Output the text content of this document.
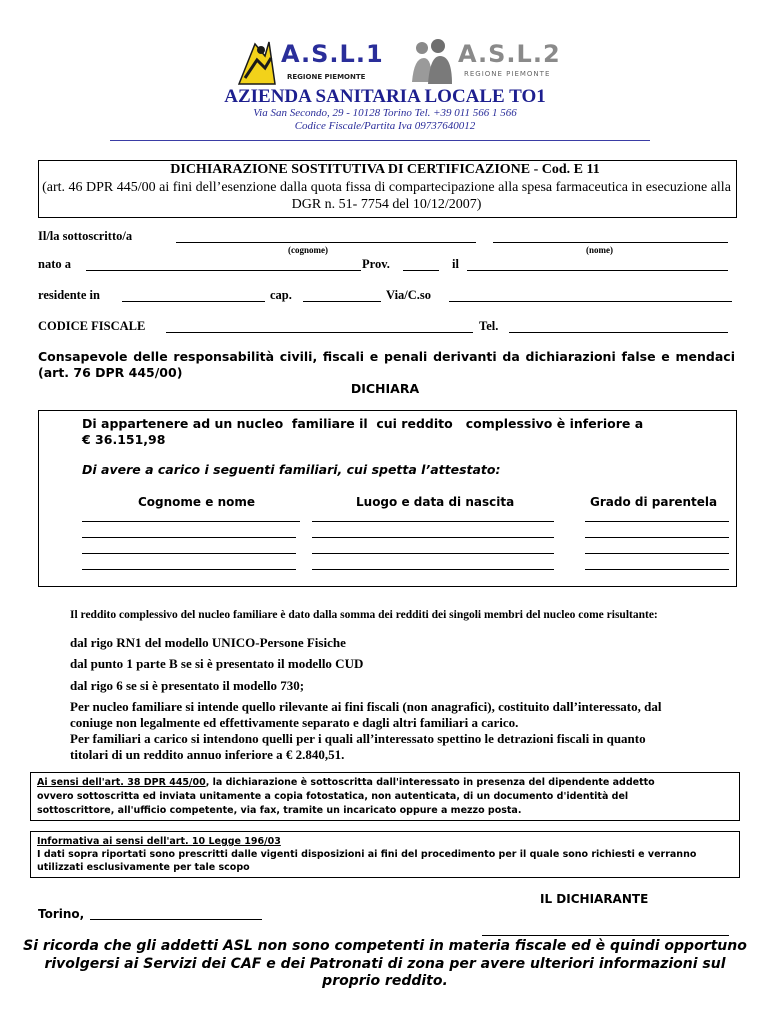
A.S.L.1
REGIONE PIEMONTE
A.S.L.2
REGIONE PIEMONTE
AZIENDA SANITARIA LOCALE TO1
Via San Secondo, 29 - 10128 Torino Tel. +39 011 566 1 566
Codice Fiscale/Partita Iva 09737640012
DICHIARAZIONE SOSTITUTIVA DI CERTIFICAZIONE - Cod. E 11
(art. 46 DPR 445/00 ai fini dell’esenzione dalla quota fissa di compartecipazione alla spesa farmaceutica in esecuzione alla DGR n. 51- 7754 del 10/12/2007)
Il/la sottoscritto/a
(cognome)	(nome)
nato a	Prov.	il
residente in	cap.	Via/C.so
CODICE FISCALE	Tel.
Consapevole delle responsabilità civili, fiscali e penali derivanti da dichiarazioni false e mendaci (art. 76 DPR 445/00)
DICHIARA
Di appartenere ad un nucleo  familiare il  cui reddito   complessivo è inferiore a
€ 36.151,98
Di avere a carico i seguenti familiari, cui spetta l’attestato:
Cognome e nome	Luogo e data di nascita	Grado di parentela
Il reddito complessivo del nucleo familiare è dato dalla somma dei redditi dei singoli membri del nucleo come risultante:
dal rigo RN1 del modello UNICO-Persone Fisiche
dal punto 1 parte B se si è presentato il modello CUD
dal rigo 6 se si è presentato il modello 730;
Per nucleo familiare si intende quello rilevante ai fini fiscali (non anagrafici), costituito dall’interessato, dal
coniuge non legalmente ed effettivamente separato e dagli altri familiari a carico.
Per familiari a carico si intendono quelli per i quali all’interessato spettino le detrazioni fiscali in quanto
titolari di un reddito annuo inferiore a € 2.840,51.
Ai sensi dell'art. 38 DPR 445/00, la dichiarazione è sottoscritta dall'interessato in presenza del dipendente addetto
ovvero sottoscritta ed inviata unitamente a copia fotostatica, non autenticata, di un documento d'identità del
sottoscrittore, all'ufficio competente, via fax, tramite un incaricato oppure a mezzo posta.
Informativa ai sensi dell'art. 10 Legge 196/03
I dati sopra riportati sono prescritti dalle vigenti disposizioni ai fini del procedimento per il quale sono richiesti e verranno
utilizzati esclusivamente per tale scopo
IL DICHIARANTE
Torino,
Si ricorda che gli addetti ASL non sono competenti in materia fiscale ed è quindi opportuno
rivolgersi ai Servizi dei CAF e dei Patronati di zona per avere ulteriori informazioni sul
proprio reddito.
